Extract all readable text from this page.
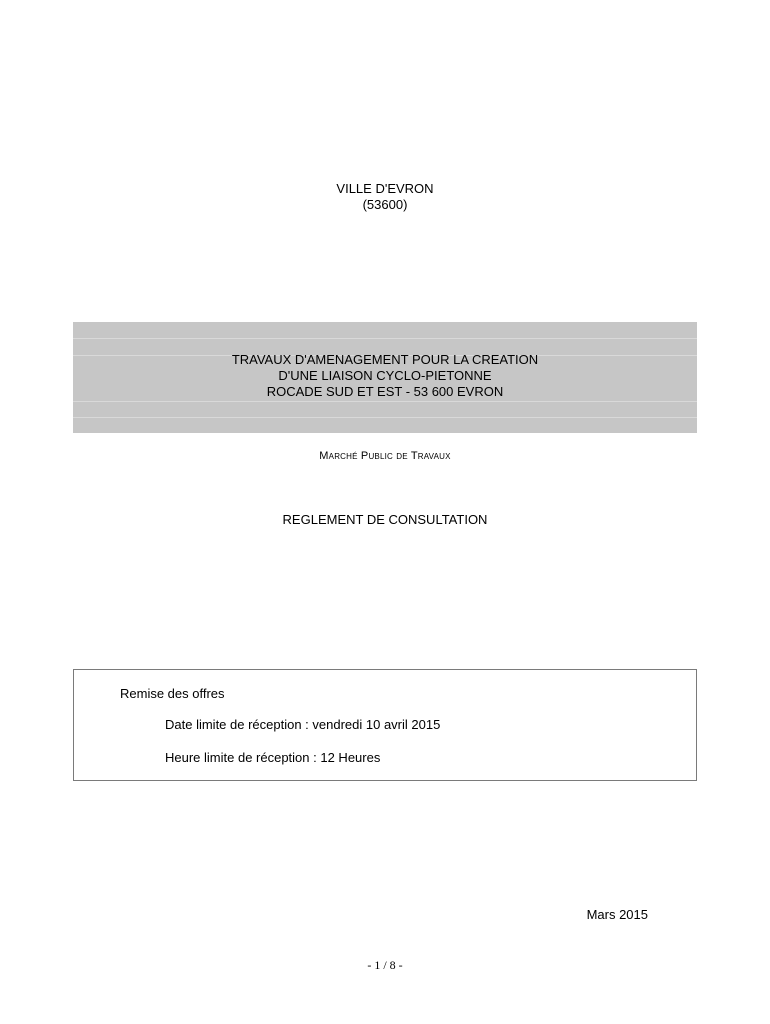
VILLE D'EVRON
(53600)
TRAVAUX D'AMENAGEMENT POUR LA CREATION
D'UNE LIAISON CYCLO-PIETONNE
ROCADE SUD ET EST - 53 600 EVRON
Marché Public de Travaux
REGLEMENT DE CONSULTATION
Remise des offres
Date limite de réception : vendredi 10 avril 2015
Heure limite de réception : 12 Heures
Mars 2015
- 1 / 8 -
